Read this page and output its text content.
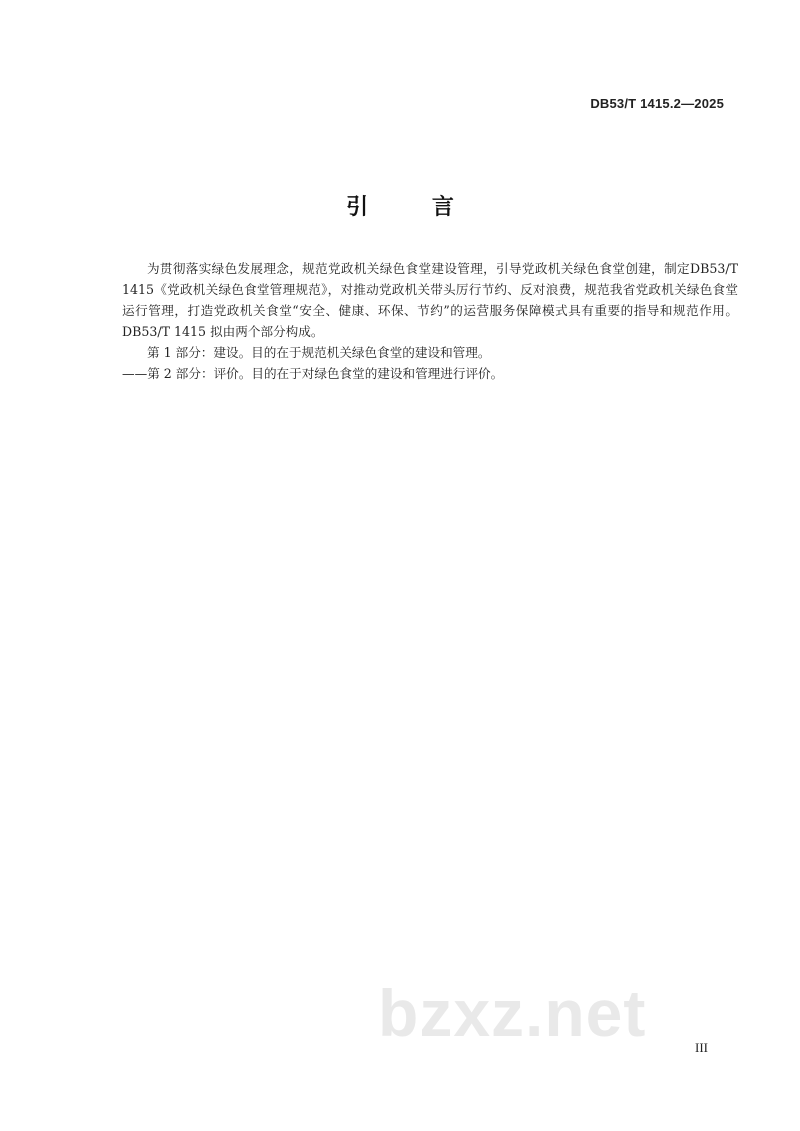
DB53/T 1415.2—2025
引 言

为贯彻落实绿色发展理念，规范党政机关绿色食堂建设管理，引导党政机关绿色食堂创建，制定DB53/T 1415《党政机关绿色食堂管理规范》，对推动党政机关带头厉行节约、反对浪费，规范我省党政机关绿色食堂运行管理，打造党政机关食堂“安全、健康、环保、节约”的运营服务保障模式具有重要的指导和规范作用。DB53/T 1415 拟由两个部分构成。

第 1 部分：建设。目的在于规范机关绿色食堂的建设和管理。

——第 2 部分：评价。目的在于对绿色食堂的建设和管理进行评价。

bzxz.net	III
